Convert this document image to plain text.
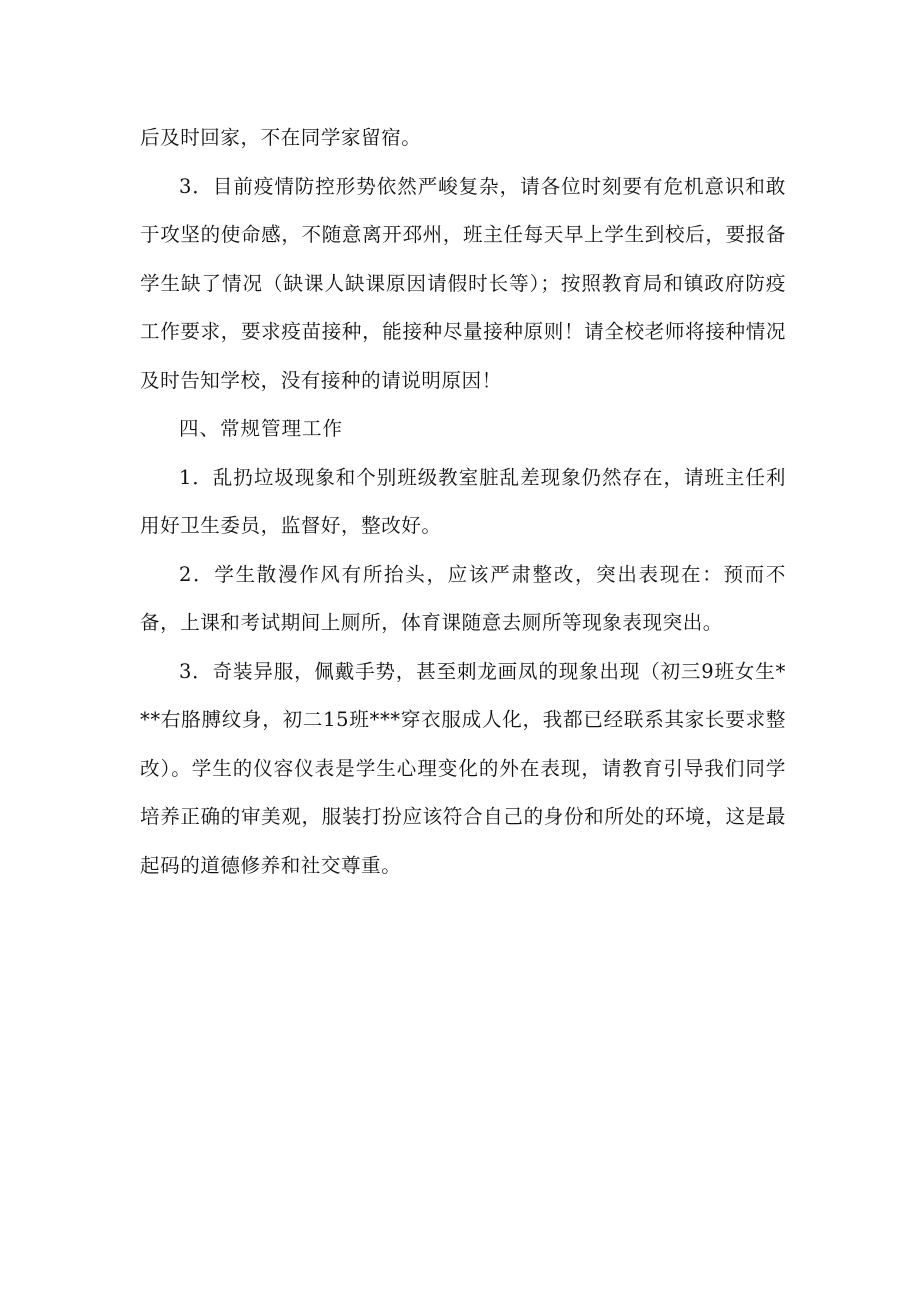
后及时回家，不在同学家留宿。

3．目前疫情防控形势依然严峻复杂，请各位时刻要有危机意识和敢于攻坚的使命感，不随意离开邳州，班主任每天早上学生到校后，要报备学生缺了情况（缺课人缺课原因请假时长等）；按照教育局和镇政府防疫工作要求，要求疫苗接种，能接种尽量接种原则！请全校老师将接种情况及时告知学校，没有接种的请说明原因！

四、常规管理工作

1．乱扔垃圾现象和个别班级教室脏乱差现象仍然存在，请班主任利用好卫生委员，监督好，整改好。

2．学生散漫作风有所抬头，应该严肃整改，突出表现在：预而不备，上课和考试期间上厕所，体育课随意去厕所等现象表现突出。

3．奇装异服，佩戴手势，甚至刺龙画凤的现象出现（初三9班女生***右胳膊纹身，初二15班***穿衣服成人化，我都已经联系其家长要求整改）。学生的仪容仪表是学生心理变化的外在表现，请教育引导我们同学培养正确的审美观，服装打扮应该符合自己的身份和所处的环境，这是最起码的道德修养和社交尊重。
